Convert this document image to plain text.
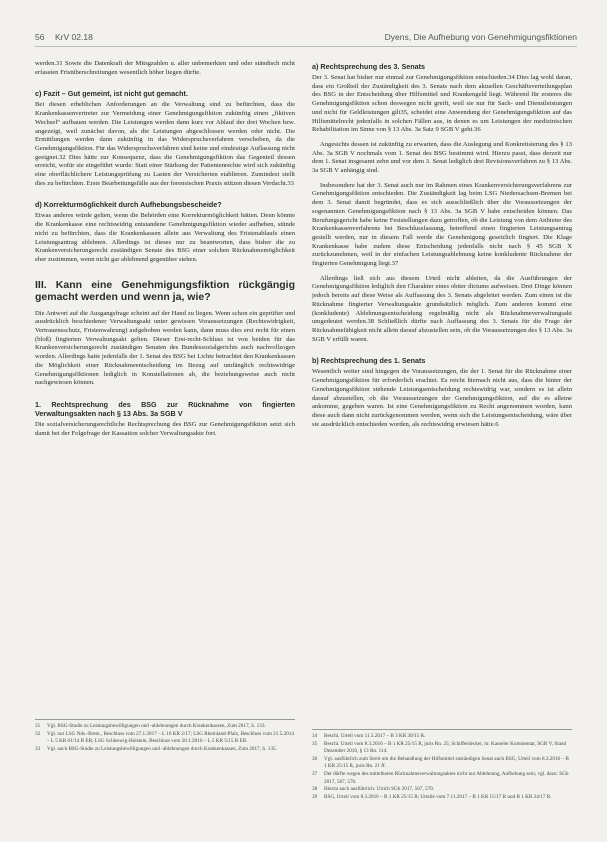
56 KrV 02.18	Dyens, Die Aufhebung von Genehmigungsfiktionen

werden.31 Sowie die Datenkraft der Mitsgzahlen u. aller unbemerkten und oder ständisch nicht erfassten Fristüberschreitungen wesentlich höher liegen dürfte.

c) Fazit – Gut gemeint, ist nicht gut gemacht.

Bei diesen erheblichen Anforderungen an die Verwaltung sind zu befürchten, dass die Krankenkassenvertreter zur Vermeidung einer Genehmigungsfiktion zukünftig einen „fiktiven Wechsel“ aufbauen werden. Die Leistungen werden dann kurz vor Ablauf der drei Wochen bzw. angezeigt, weil zunächst davon, als die Leistungen abgeschlossen werden oder nicht. Die Ermittlungen werden dann zukünftig in das Widerspruchsverfahren verschoben, da die Genehmigungsfiktion. Für das Widerspruchsverfahren sind keine und eindeutige Auflassung nicht geeignet.32 Dies hätte zur Konsequenz, dass die Genehmigungsfiktion das Gegenteil dessen erreicht, wofür sie eingeführt wurde: Statt einer Stärkung der Patientenrechte wird sich zukünftig eine oberflächlichere Leistungsprüfung zu Lasten der Versicherten etablieren. Zumindest stellt dies zu befürchten. Erste Bearbeitungsfälle aus der forensischen Praxis stützen diesen Verdacht.33

d) Korrekturmöglichkeit durch Aufhebungsbescheide?

Etwas anderes würde gelten, wenn die Behörden eine Korrekturmöglichkeit hätten. Denn könnte die Krankenkasse eine rechtswidrig entstandene Genehmigungsfiktion wieder aufheben, stünde nicht zu befürchten, dass die Krankenkassen allein aus Verwaltung des Fristenablaufs einen Leistungsantrag ablehnen. Allerdings ist dieses nur zu beantworten, dass bisher die zu Krankenversicherungsrecht zuständigen Senate des BSG einer solchen Rücknahmemöglichkeit eher zustimmen, wenn nicht gar ablehnend gegenüber stehen.

III. Kann eine Genehmigungsfiktion rückgängig gemacht werden und wenn ja, wie?

Die Antwort auf die Ausgangsfrage scheint auf der Hand zu liegen. Wenn schon ein geprüfter und ausdrücklich beschiedener Verwaltungsakt unter gewissen Voraussetzungen (Rechtswidrigkeit, Vertrauensschutz, Fristenwahrung) aufgehoben werden kann, dann muss dies erst recht für einen (bloß) fingierten Verwaltungsakt gelten. Dieser Erst-recht-Schluss ist von beiden für das Krankenversicherungsrecht zuständigen Senaten des Bundessozialgerichts auch nachvollzogen worden. Allerdings hatte jedenfalls der 1. Senat des BSG bei Lichte betrachtet den Krankenkassen die Möglichkeit einer Rücknahmeentscheidung im Bezug auf umfänglich rechtswidrige Genehmigungsfiktionen lediglich in Konstellationen ab, die beziehungsweise auch nicht nachgewiesen können.

1. Rechtsprechung des BSG zur Rücknahme von fingierten Verwaltungsakten nach § 13 Abs. 3a SGB V

Die sozialversicherungsrechtliche Rechtsprechung des BSG zur Genehmigungsfiktion setzt sich damit bei der Folgefrage der Kassation solcher Verwaltungsakte fort.

31	Vgl. BSG-Studie zu Leistungsbewilligungen und -ablehnungen durch Krankenkassen, Zum 2017, S. 133.
32	Vgl. nur LSG Nds.-Brem., Beschluss vom 27.1.2017 – L 16 KR 2/17; LSG Rheinland-Pfalz, Beschluss vom 21.5.2014 – L 5 KR 61/14 B ER; LSG Schleswig-Holstein, Beschluss vom 20.1.2016 – L 5 KR 5/15 B ER.
33	Vgl. auch BSG-Studie zu Leistungsbewilligungen und -ablehnungen durch Krankenkassen, Zum 2017, S. 135.
a) Rechtsprechung des 3. Senats

Der 3. Senat hat bisher nur einmal zur Genehmigungsfiktion entschieden.34 Dies lag wohl daran, dass ein Großteil der Zuständigkeit des 3. Senats nach dem aktuellen Geschäftsverteilungsplan des BSG in der Entscheidung über Hilfsmittel und Krankengeld liegt. Während für ersteres die Genehmigungsfiktion schon deswegen nicht greift, weil sie nur für Sach- und Dienstleistungen und nicht für Geldleistungen gilt35, scheidet eine Anwendung der Genehmigungsfiktion auf das Hilfsmittelrecht jedenfalls in solchen Fällen aus, in denen es um Leistungen der medizinischen Rehabilitation im Sinne von § 13 Abs. 3a Satz 9 SGB V geht.36

Angesichts dessen ist zukünftig zu erwarten, dass die Auslegung und Konkretisierung des § 13 Abs. 3a SGB V nochmals vom 1. Senat des BSG bestimmt wird. Hierzu passt, dass derzeit nur dem 1. Senat insgesamt zehn und vor dem 3. Senat lediglich drei Revisionsverfahren zu § 13 Abs. 3a SGB V anhängig sind.

Insbesondere hat der 3. Senat auch nur im Rahmen eines Krankenversicherungsverfahrens zur Genehmigungsfiktion entschieden. Die Zuständigkeit lag beim LSG Niedersachsen-Bremen bei dem 3. Senat damit begründet, dass es sich ausschließlich über die Voraussetzungen der sogenannten Genehmigungsfiktion nach § 13 Abs. 3a SGB V habe entscheiden können. Das Berufungsgericht habe keine Feststellungen dazu getroffen, ob die Leistung von dem Anbieter des Krankenkassenverfahrens bei Beschlussfassung, betreffend einen fingierten Leistungsantrag gestellt werden, nur in diesem Fall werde die Genehmigung gesetzlich fingiert. Die Klage Krankenkasse habe zudem diese Entscheidung jedenfalls nicht nach § 45 SGB X zurückzunehmen, weil in der einfachen Leistungsablehnung keine konkludente Rücknahme der fingierten Genehmigung liegt.37

Allerdings ließ sich aus diesem Urteil nicht ableiten, da die Ausführungen der Genehmigungsfiktion lediglich den Charakter eines obiter dictums aufweisen. Drei Dinge können jedoch bereits auf diese Weise als Auffassung des 3. Senats abgeleitet werden. Zum einen ist die Rücknahme fingierter Verwaltungsakte grundsätzlich möglich. Zum anderen kommt eine (konkludente) Ablehnungsentscheidung regelmäßig nicht als Rücknahmeverwaltungsakt umgedeutet werden.38 Schließlich dürfte nach Auffassung des 3. Senats für die Frage der Rücknahmefähigkeit nicht allein darauf abzustellen sein, ob die Voraussetzungen des § 13 Abs. 3a SGB V erfüllt waren.

b) Rechtsprechung des 1. Senats

Wesentlich weiter sind hingegen die Voraussetzungen, die der 1. Senat für die Rücknahme einer Genehmigungsfiktion für erforderlich erachtet. Es reicht hiernach nicht aus, dass die hinter der Genehmigungsfiktion stehende Leistungsentscheidung rechtswidrig war, sondern es ist allein darauf abzustellen, ob die Voraussetzungen der Genehmigungsfiktion, auf die es alleine ankomme, gegeben waren. Ist eine Genehmigungsfiktion zu Recht angenommen worden, kann diese auch dann nicht zurückgenommen werden, wenn sich die Leistungsentscheidung, wäre über sie ausdrücklich entschieden worden, als rechtswidrig erwiesen hätte.6

34	Beschl. Urteil vom 11.5.2017 – B 3 KR 30/15 R.
35	Beschl. Urteil vom 8.3.2016 – B 1 KR 25/15 R, juris Rn. 25; Schifferdecker, in: Kasseler Kommentar, SGB V, Stand Dezember 2016, § 13 Rn. 114.
36	Vgl. ausführlich zum Streit um die Behandlung der Hilfsmittel zuständigen Senat auch BSG, Urteil vom 8.3.2016 – B 1 KR 25/15 R, juris Rn. 21 ff.
37	Der dürfte wegen des mittelbaren Rücknahmeverwaltungsaktes nicht nur Ablehnung, Aufhebung sein; vgl. dazu: SGb 2017, 567, 570.
38	Hierzu auch ausführlich: Ulrich SGb 2017, 567, 570.
39	BSG, Urteil vom 8.3.2016 – B 1 KR 25/15 R; Urteile vom 7.11.2017 – B 1 KR 15/17 R und B 1 KR 24/17 R.
